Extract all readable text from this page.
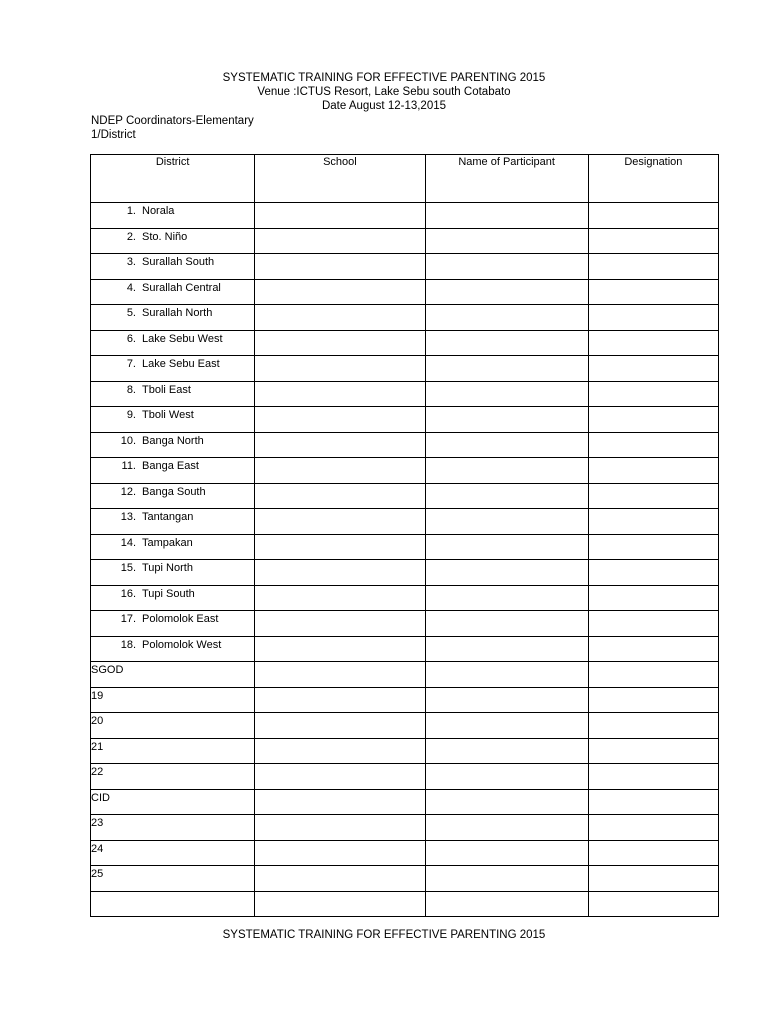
SYSTEMATIC TRAINING FOR EFFECTIVE PARENTING 2015
Venue :ICTUS Resort, Lake Sebu south Cotabato
Date August 12-13,2015
NDEP Coordinators-Elementary
1/District
District	School	Name of Participant	Designation
1. Norala			
2. Sto. Niño			
3. Surallah South			
4. Surallah Central			
5. Surallah North			
6. Lake Sebu West			
7. Lake Sebu East			
8. Tboli East			
9. Tboli West			
10. Banga North			
11. Banga East			
12. Banga South			
13. Tantangan			
14. Tampakan			
15. Tupi North			
16. Tupi South			
17. Polomolok East			
18. Polomolok West			
SGOD			
19			
20			
21			
22			
CID			
23			
24			
25			

SYSTEMATIC TRAINING FOR EFFECTIVE PARENTING 2015
